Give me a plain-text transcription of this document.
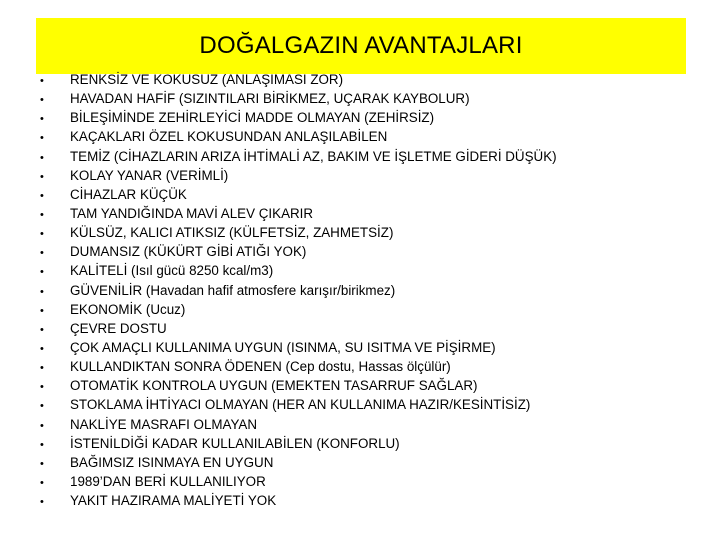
DOĞALGAZIN AVANTAJLARI
•	RENKSİZ VE KOKUSUZ (ANLAŞIMASI ZOR)
•	HAVADAN HAFİF (SIZINTILARI BİRİKMEZ, UÇARAK KAYBOLUR)
•	BİLEŞİMİNDE ZEHİRLEYİCİ MADDE OLMAYAN (ZEHİRSİZ)
•	KAÇAKLARI ÖZEL KOKUSUNDAN ANLAŞILABİLEN
•	TEMİZ (CİHAZLARIN ARIZA İHTİMALİ AZ, BAKIM VE İŞLETME GİDERİ DÜŞÜK)
•	KOLAY YANAR (VERİMLİ)
•	CİHAZLAR KÜÇÜK
•	TAM YANDIĞINDA MAVİ ALEV ÇIKARIR
•	KÜLSÜZ, KALICI ATIKSIZ (KÜLFETSİZ, ZAHMETSİZ)
•	DUMANSIZ (KÜKÜRT GİBİ ATIĞI YOK)
•	KALİTELİ (Isıl gücü 8250 kcal/m3)
•	GÜVENİLİR (Havadan hafif atmosfere karışır/birikmez)
•	EKONOMİK (Ucuz)
•	ÇEVRE DOSTU
•	ÇOK AMAÇLI KULLANIMA UYGUN (ISINMA, SU ISITMA VE PİŞİRME)
•	KULLANDIKTAN SONRA ÖDENEN (Cep dostu, Hassas ölçülür)
•	OTOMATİK KONTROLA UYGUN (EMEKTEN TASARRUF SAĞLAR)
•	STOKLAMA İHTİYACI OLMAYAN (HER AN KULLANIMA HAZIR/KESİNTİSİZ)
•	NAKLİYE MASRAFI OLMAYAN
•	İSTENİLDİĞİ KADAR KULLANILABİLEN (KONFORLU)
•	BAĞIMSIZ ISINMAYA EN UYGUN
•	1989’DAN BERİ KULLANILIYOR
•	YAKIT HAZIRAMA MALİYETİ YOK
